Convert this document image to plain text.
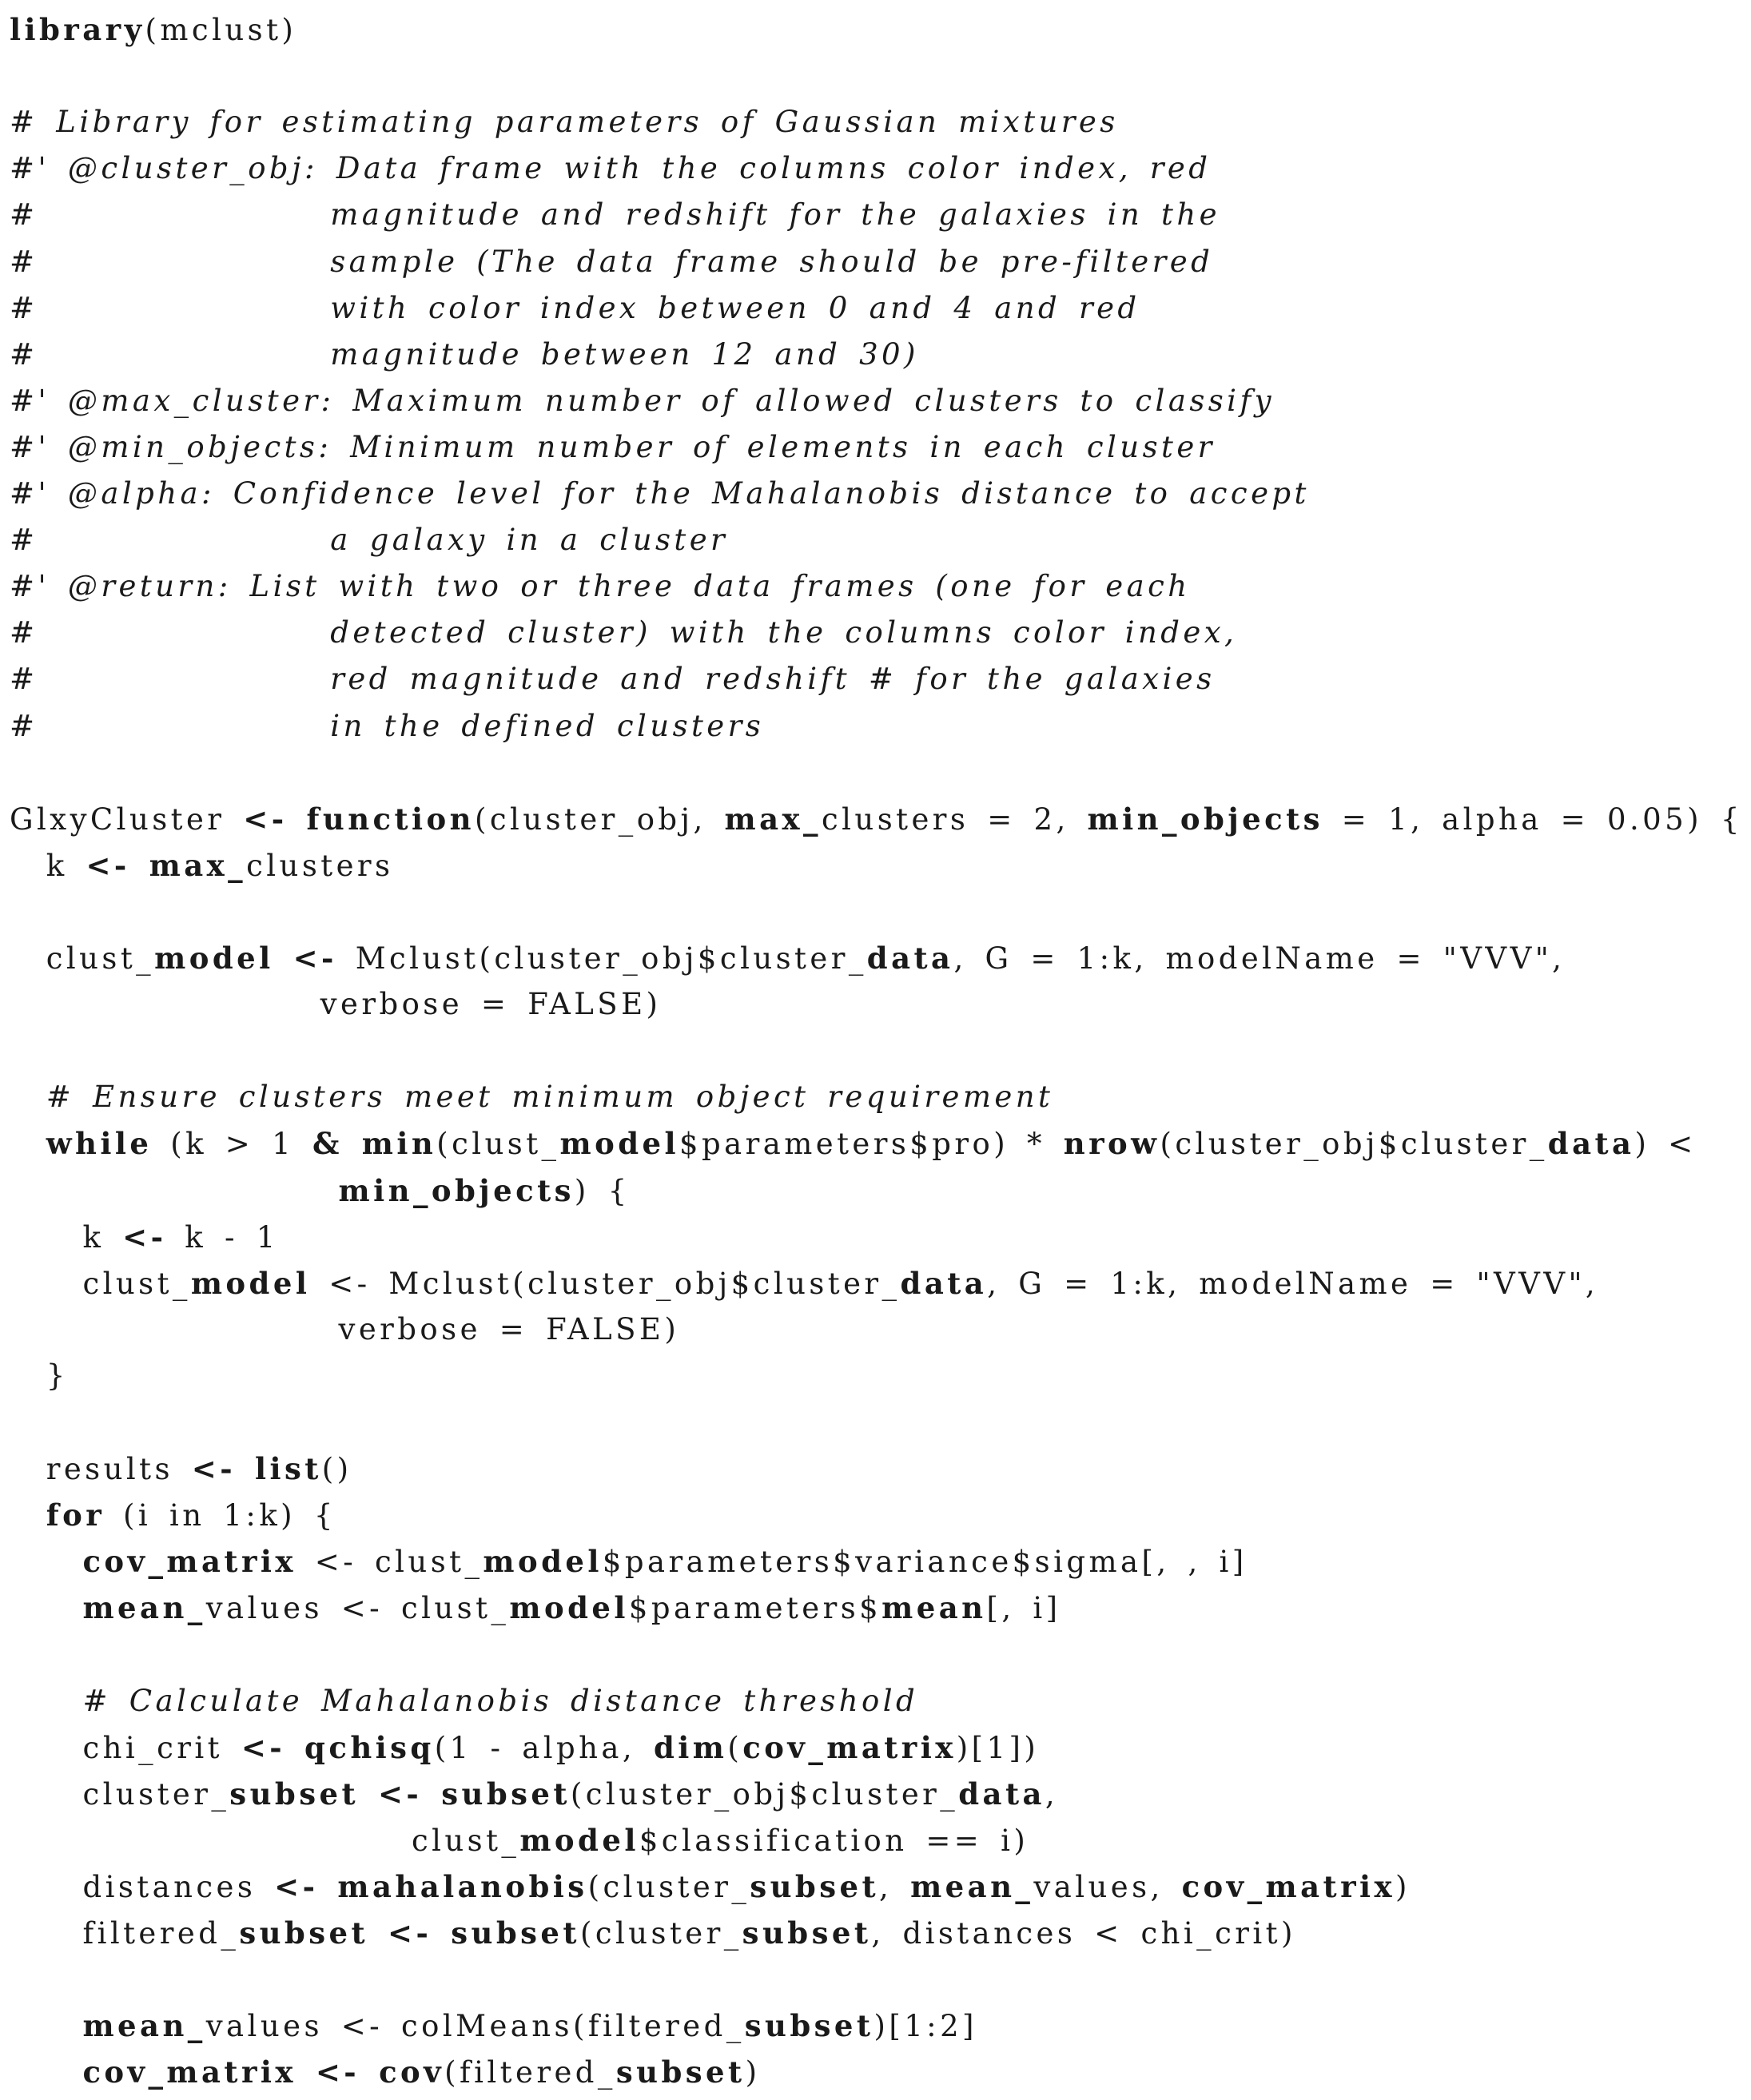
library(mclust)
# Library for estimating parameters of Gaussian mixtures
#' @cluster_obj: Data frame with the columns color index, red
#                magnitude and redshift for the galaxies in the
#                sample (The data frame should be pre-filtered
#                with color index between 0 and 4 and red
#                magnitude between 12 and 30)
#' @max_cluster: Maximum number of allowed clusters to classify
#' @min_objects: Minimum number of elements in each cluster
#' @alpha: Confidence level for the Mahalanobis distance to accept
#                a galaxy in a cluster
#' @return: List with two or three data frames (one for each
#                detected cluster) with the columns color index,
#                red magnitude and redshift # for the galaxies
#                in the defined clusters
GlxyCluster <- function(cluster_obj, max_clusters = 2, min_objects = 1, alpha = 0.05) {
k <- max_clusters
clust_model <- Mclust(cluster_obj$cluster_data, G = 1:k, modelName = "VVV",
verbose = FALSE)
# Ensure clusters meet minimum object requirement
while (k > 1 & min(clust_model$parameters$pro) * nrow(cluster_obj$cluster_data) <
min_objects) {
k <- k - 1
clust_model <- Mclust(cluster_obj$cluster_data, G = 1:k, modelName = "VVV",
verbose = FALSE)
}
results <- list()
for (i in 1:k) {
cov_matrix <- clust_model$parameters$variance$sigma[, , i]
mean_values <- clust_model$parameters$mean[, i]
# Calculate Mahalanobis distance threshold
chi_crit <- qchisq(1 - alpha, dim(cov_matrix)[1])
cluster_subset <- subset(cluster_obj$cluster_data,
clust_model$classification == i)
distances <- mahalanobis(cluster_subset, mean_values, cov_matrix)
filtered_subset <- subset(cluster_subset, distances < chi_crit)
mean_values <- colMeans(filtered_subset)[1:2]
cov_matrix <- cov(filtered_subset)
